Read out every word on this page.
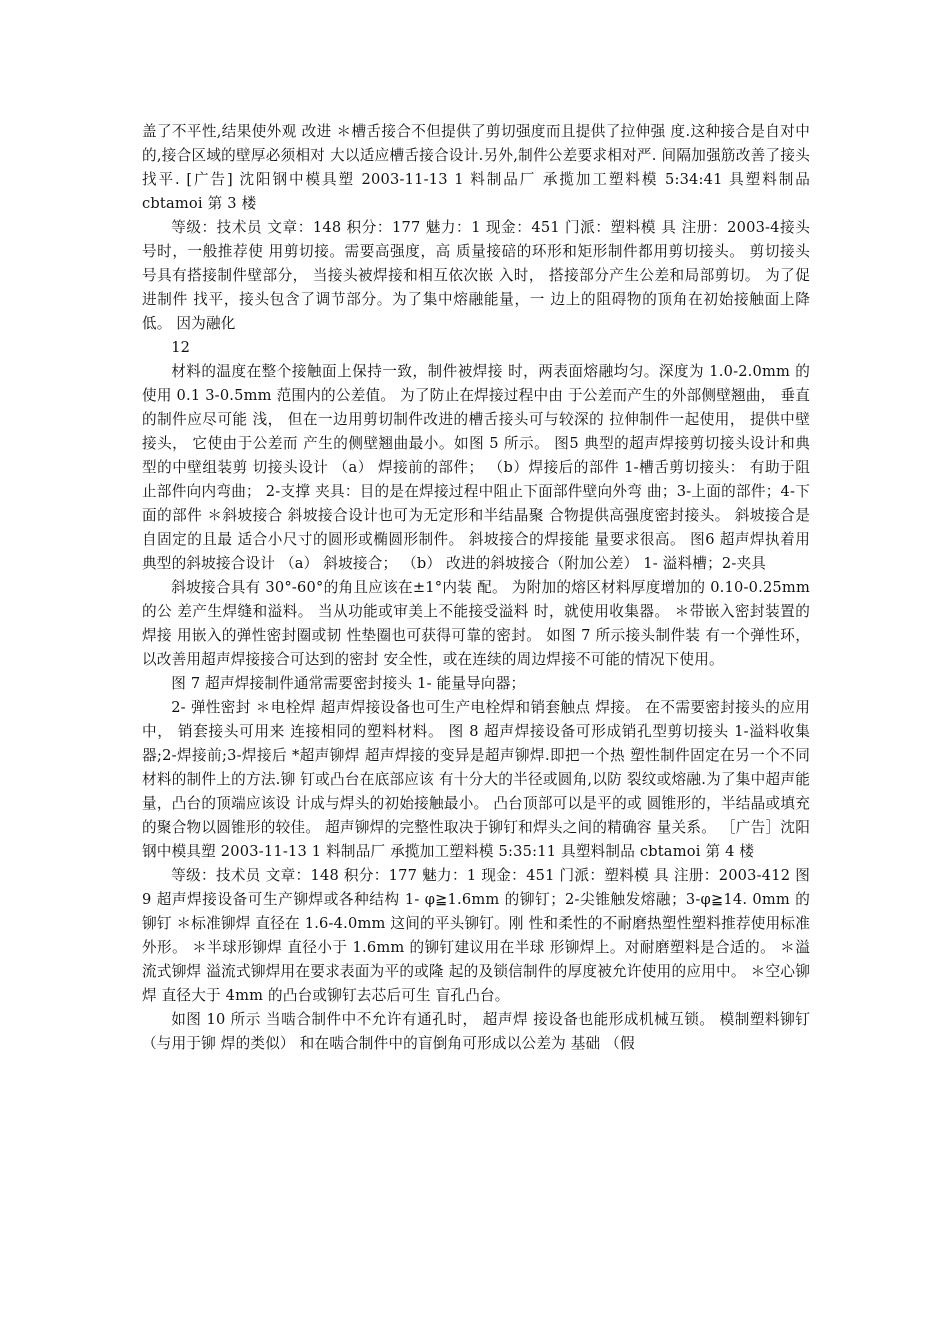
盖了不平性,结果使外观 改进 ＊槽舌接合不但提供了剪切强度而且提供了拉伸强 度.这种接合是自对中的,接合区域的壁厚必须相对 大以适应槽舌接合设计.另外,制件公差要求相对严. 间隔加强筋改善了接头找平. [广告] 沈阳钢中模具塑 2003-11-13 1 料制品厂 承揽加工塑料模 5:34:41 具塑料制品 cbtamoi 第 3 楼

等级：技术员 文章：148 积分：177 魅力：1 现金：451 门派：塑料模 具 注册：2003-4接头号时，一般推荐使 用剪切接。需要高强度，高 质量接碚的环形和矩形制件都用剪切接头。 剪切接头 号具有搭接制件壁部分， 当接头被焊接和相互依次嵌 入时， 搭接部分产生公差和局部剪切。 为了促进制件 找平，接头包含了调节部分。为了集中熔融能量，一 边上的阻碍物的顶角在初始接触面上降低。 因为融化

12

材料的温度在整个接触面上保持一致，制件被焊接 时，两表面熔融均匀。深度为 1.0-2.0mm 的使用 0.1 3-0.5mm 范围内的公差值。 为了防止在焊接过程中由 于公差而产生的外部侧壁翘曲， 垂直的制件应尽可能 浅， 但在一边用剪切制件改进的槽舌接头可与较深的 拉伸制件一起使用， 提供中壁接头， 它使由于公差而 产生的侧壁翘曲最小。如图 5 所示。 图5 典型的超声焊接剪切接头设计和典型的中壁组装剪 切接头设计 （a） 焊接前的部件； （b）焊接后的部件 1-槽舌剪切接头： 有助于阻止部件向内弯曲； 2-支撑 夹具：目的是在焊接过程中阻止下面部件壁向外弯 曲；3-上面的部件；4-下面的部件 ＊斜坡接合 斜坡接合设计也可为无定形和半结晶聚 合物提供高强度密封接头。 斜坡接合是自固定的且最 适合小尺寸的圆形或椭圆形制件。 斜坡接合的焊接能 量要求很高。 图6 超声焊执着用典型的斜坡接合设计 （a） 斜坡接合； （b） 改进的斜坡接合（附加公差） 1- 溢料槽；2-夹具

斜坡接合具有 30°-60°的角且应该在±1°内装 配。 为附加的熔区材料厚度增加的 0.10-0.25mm 的公 差产生焊缝和溢料。 当从功能或审美上不能接受溢料 时，就使用收集器。 ＊带嵌入密封装置的焊接 用嵌入的弹性密封圈或韧 性垫圈也可获得可靠的密封。 如图 7 所示接头制件装 有一个弹性环， 以改善用超声焊接接合可达到的密封 安全性，或在连续的周边焊接不可能的情况下使用。

图 7 超声焊接制件通常需要密封接头 1- 能量导向器；

2- 弹性密封 ＊电栓焊 超声焊接设备也可生产电栓焊和销套触点 焊接。 在不需要密封接头的应用中， 销套接头可用来 连接相同的塑料材料。 图 8 超声焊接设备可形成销孔型剪切接头 1-溢料收集器;2-焊接前;3-焊接后 *超声铆焊 超声焊接的变异是超声铆焊.即把一个热 塑性制件固定在另一个不同材料的制件上的方法.铆 钉或凸台在底部应该 有十分大的半径或圆角,以防 裂纹或熔融.为了集中超声能量，凸台的顶端应该设 计成与焊头的初始接触最小。 凸台顶部可以是平的或 圆锥形的，半结晶或填充的聚合物以圆锥形的较佳。 超声铆焊的完整性取决于铆钉和焊头之间的精确容 量关系。 ［广告］沈阳钢中模具塑 2003-11-13 1 料制品厂 承揽加工塑料模 5:35:11 具塑料制品 cbtamoi 第 4 楼

等级：技术员 文章：148 积分：177 魅力：1 现金：451 门派：塑料模 具 注册：2003-412 图 9 超声焊接设备可生产铆焊或各种结构 1- φ≧1.6mm 的铆钉；2-尖锥触发熔融；3-φ≧14. 0mm 的铆钉 ＊标准铆焊 直径在 1.6-4.0mm 这间的平头铆钉。刚 性和柔性的不耐磨热塑性塑料推荐使用标准外形。 ＊半球形铆焊 直径小于 1.6mm 的铆钉建议用在半球 形铆焊上。对耐磨塑料是合适的。 ＊溢流式铆焊 溢流式铆焊用在要求表面为平的或隆 起的及锁信制件的厚度被允许使用的应用中。 ＊空心铆焊 直径大于 4mm 的凸台或铆钉去芯后可生 盲孔凸台。

如图 10 所示 当啮合制件中不允许有通孔时， 超声焊 接设备也能形成机械互锁。 模制塑料铆钉 （与用于铆 焊的类似） 和在啮合制件中的盲倒角可形成以公差为 基础 （假
